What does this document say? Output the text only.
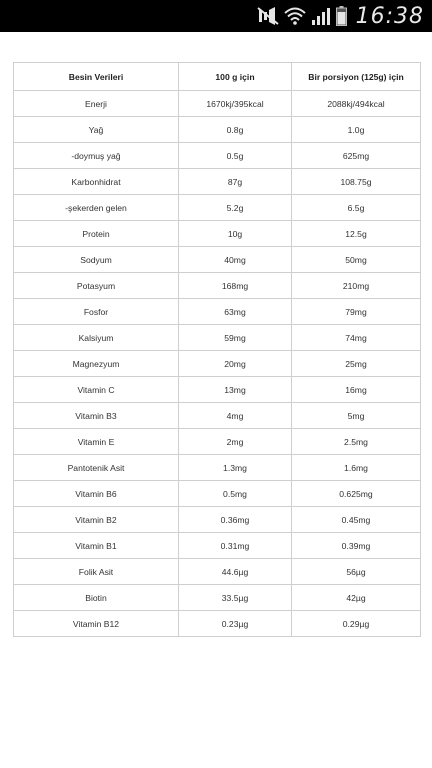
16:38
Besin Verileri	100 g için	Bir porsiyon (125g) için
Enerji	1670kj/395kcal	2088kj/494kcal
Yağ	0.8g	1.0g
-doymuş yağ	0.5g	625mg
Karbonhidrat	87g	108.75g
-şekerden gelen	5.2g	6.5g
Protein	10g	12.5g
Sodyum	40mg	50mg
Potasyum	168mg	210mg
Fosfor	63mg	79mg
Kalsiyum	59mg	74mg
Magnezyum	20mg	25mg
Vitamin C	13mg	16mg
Vitamin B3	4mg	5mg
Vitamin E	2mg	2.5mg
Pantotenik Asit	1.3mg	1.6mg
Vitamin B6	0.5mg	0.625mg
Vitamin B2	0.36mg	0.45mg
Vitamin B1	0.31mg	0.39mg
Folik Asit	44.6µg	56µg
Biotin	33.5µg	42µg
Vitamin B12	0.23µg	0.29µg
